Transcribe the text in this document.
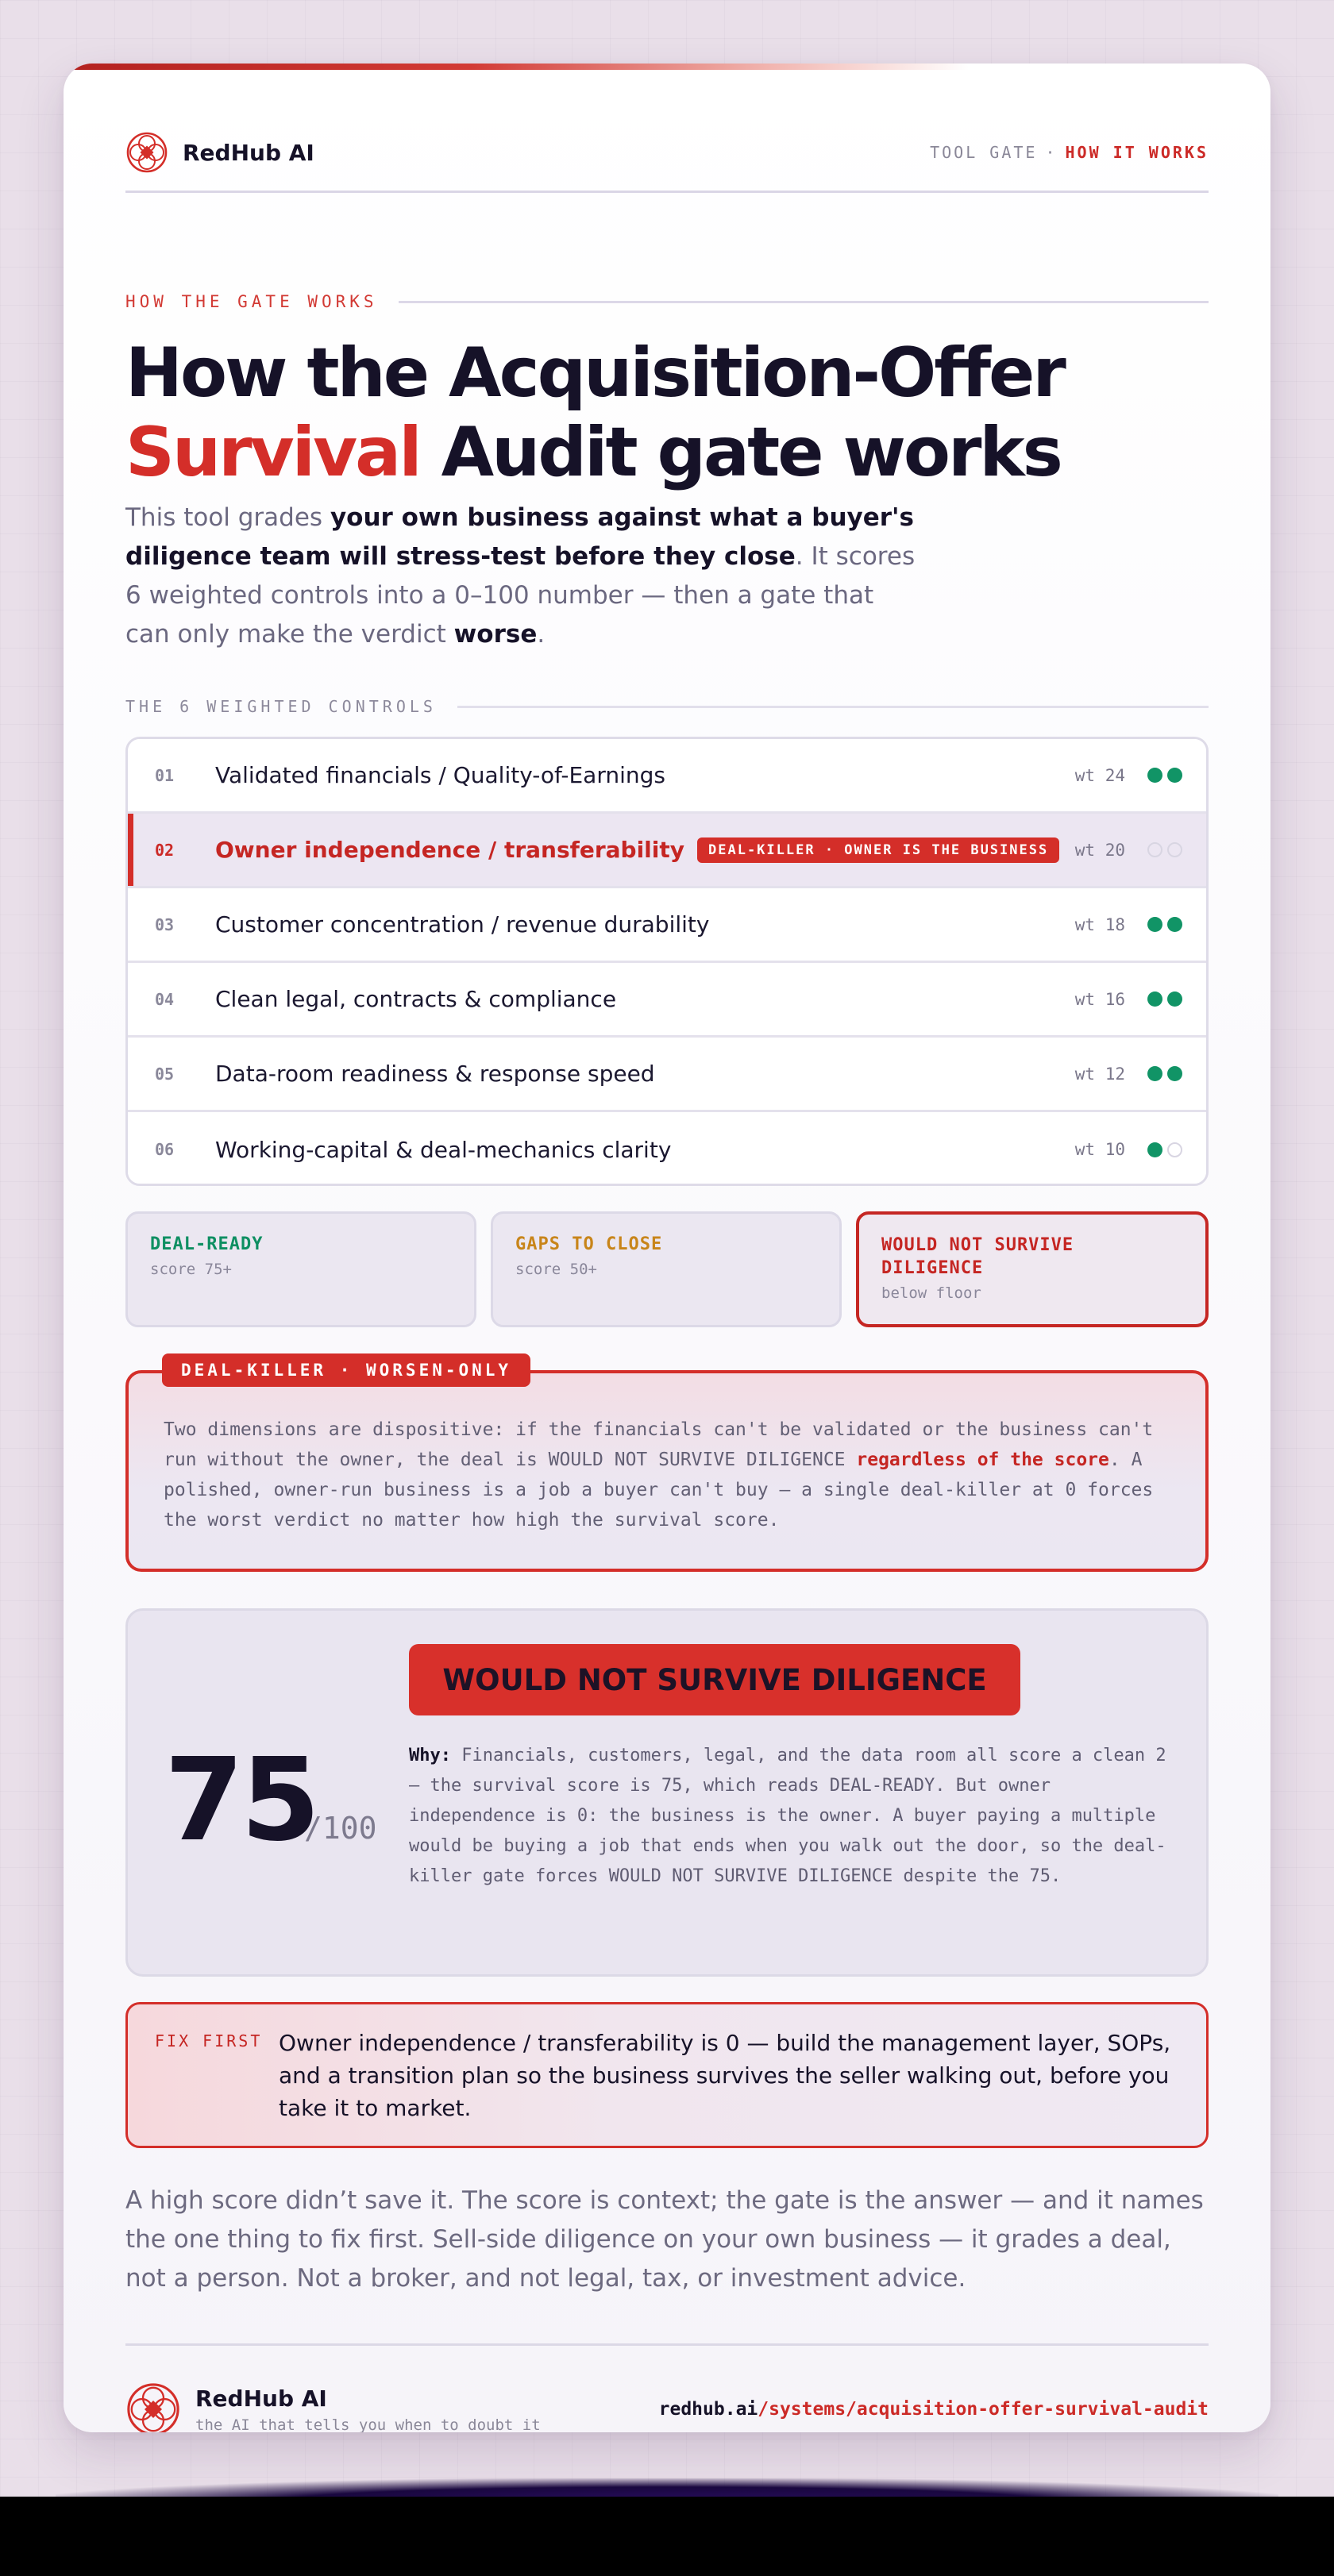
RedHub AI	TOOL GATE · HOW IT WORKS
HOW THE GATE WORKS
How the Acquisition-Offer
Survival Audit gate works

This tool grades your own business against what a buyer's diligence team will stress-test before they close. It scores 6 weighted controls into a 0–100 number — then a gate that can only make the verdict worse.

THE 6 WEIGHTED CONTROLS
01	Validated financials / Quality-of-Earnings	wt 24
02	Owner independence / transferability	DEAL-KILLER · OWNER IS THE BUSINESS	wt 20
03	Customer concentration / revenue durability	wt 18
04	Clean legal, contracts & compliance	wt 16
05	Data-room readiness & response speed	wt 12
06	Working-capital & deal-mechanics clarity	wt 10
DEAL-READY
score 75+
GAPS TO CLOSE
score 50+
WOULD NOT SURVIVE DILIGENCE
below floor
DEAL-KILLER · WORSEN-ONLY

Two dimensions are dispositive: if the financials can't be validated or the business can't run without the owner, the deal is WOULD NOT SURVIVE DILIGENCE regardless of the score. A polished, owner-run business is a job a buyer can't buy — a single deal-killer at 0 forces the worst verdict no matter how high the survival score.

75
/100
WOULD NOT SURVIVE DILIGENCE

Why: Financials, customers, legal, and the data room all score a clean 2 — the survival score is 75, which reads DEAL-READY. But owner independence is 0: the business is the owner. A buyer paying a multiple would be buying a job that ends when you walk out the door, so the deal-killer gate forces WOULD NOT SURVIVE DILIGENCE despite the 75.

FIX FIRST Owner independence / transferability is 0 — build the management layer, SOPs, and a transition plan so the business survives the seller walking out, before you take it to market.

A high score didn’t save it. The score is context; the gate is the answer — and it names the one thing to fix first. Sell-side diligence on your own business — it grades a deal, not a person. Not a broker, and not legal, tax, or investment advice.

RedHub AI
the AI that tells you when to doubt it
redhub.ai/systems/acquisition-offer-survival-audit
